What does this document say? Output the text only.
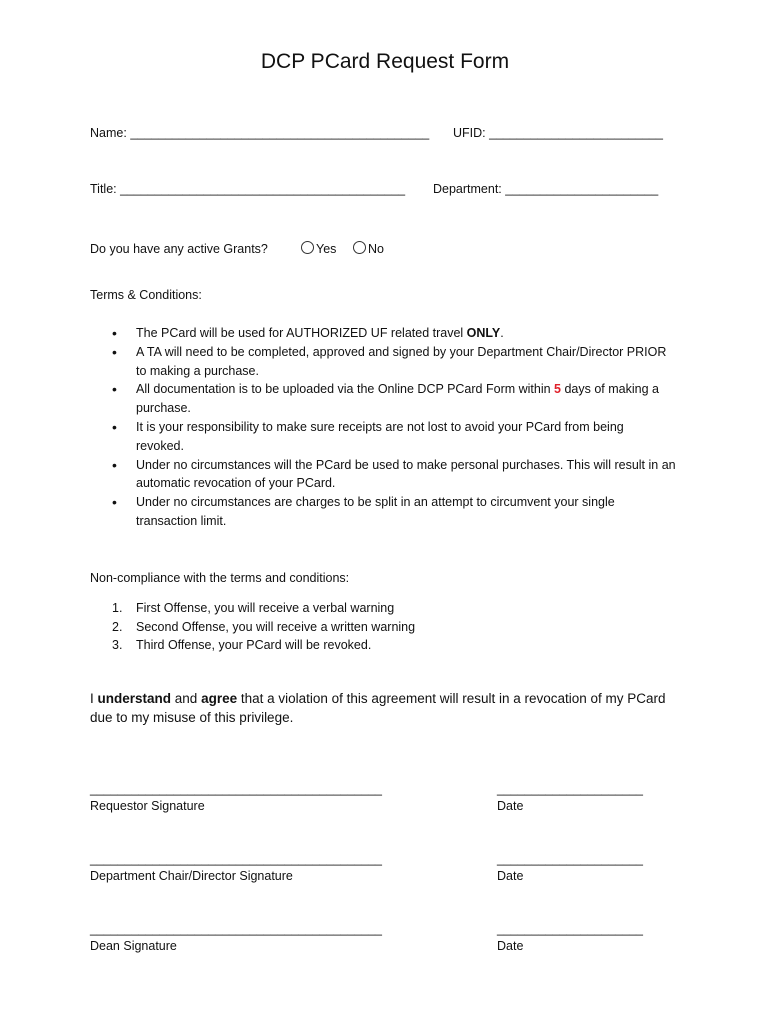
DCP PCard Request Form
Name: ___________________________________________ UFID: _________________________
Title: _________________________________________ Department: ______________________
Do you have any active Grants?	Yes	No
Terms & Conditions:
• The PCard will be used for AUTHORIZED UF related travel ONLY.
• A TA will need to be completed, approved and signed by your Department Chair/Director PRIOR
to making a purchase.
• All documentation is to be uploaded via the Online DCP PCard Form within 5 days of making a
purchase.
• It is your responsibility to make sure receipts are not lost to avoid your PCard from being
revoked.
• Under no circumstances will the PCard be used to make personal purchases. This will result in an
automatic revocation of your PCard.
• Under no circumstances are charges to be split in an attempt to circumvent your single
transaction limit.
Non-compliance with the terms and conditions:
1. First Offense, you will receive a verbal warning
2. Second Offense, you will receive a written warning
3. Third Offense, your PCard will be revoked.
I understand and agree that a violation of this agreement will result in a revocation of my PCard
due to my misuse of this privilege.
__________________________________________	_____________________
Requestor Signature	Date
__________________________________________	_____________________
Department Chair/Director Signature	Date
__________________________________________	_____________________
Dean Signature	Date
